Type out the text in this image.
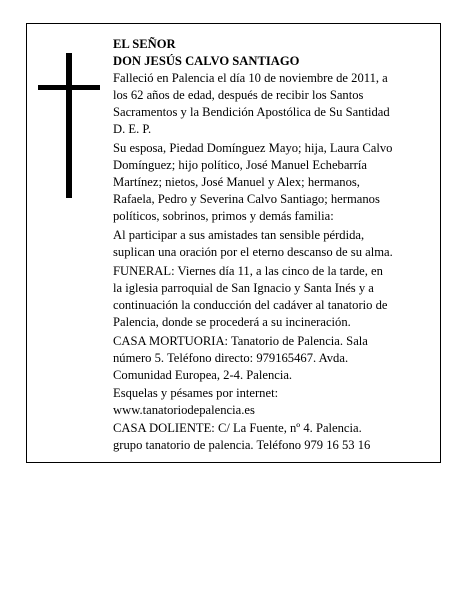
EL SEÑOR
DON JESÚS CALVO SANTIAGO

Falleció en Palencia el día 10 de noviembre de 2011, a
los 62 años de edad, después de recibir los Santos
Sacramentos y la Bendición Apostólica de Su Santidad
D. E. P.

Su esposa, Piedad Domínguez Mayo; hija, Laura Calvo
Domínguez; hijo político, José Manuel Echebarría
Martínez; nietos, José Manuel y Alex; hermanos,
Rafaela, Pedro y Severina Calvo Santiago; hermanos
políticos, sobrinos, primos y demás familia:

Al participar a sus amistades tan sensible pérdida,
suplican una oración por el eterno descanso de su alma.

FUNERAL: Viernes día 11, a las cinco de la tarde, en
la iglesia parroquial de San Ignacio y Santa Inés y a
continuación la conducción del cadáver al tanatorio de
Palencia, donde se procederá a su incineración.

CASA MORTUORIA: Tanatorio de Palencia. Sala
número 5. Teléfono directo: 979165467. Avda.
Comunidad Europea, 2-4. Palencia.

Esquelas y pésames por internet:

www.tanatoriodepalencia.es

CASA DOLIENTE: C/ La Fuente, nº 4. Palencia.
grupo tanatorio de palencia. Teléfono 979 16 53 16
